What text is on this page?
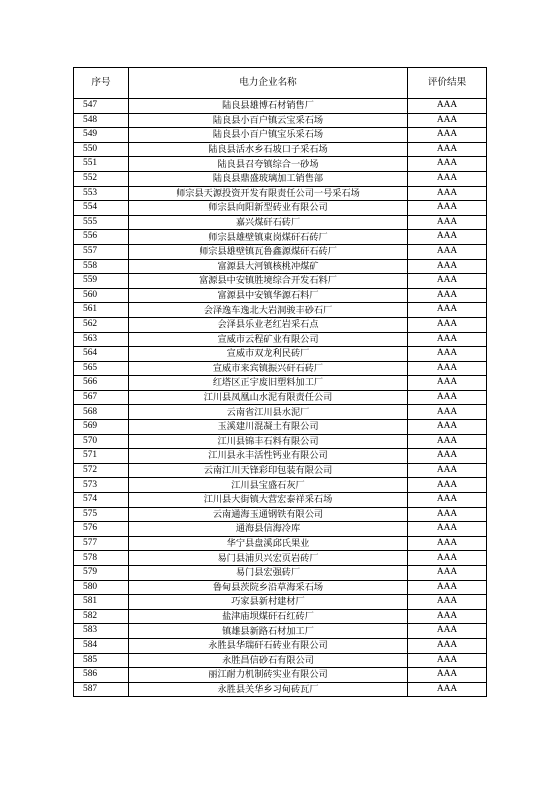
序号	电力企业名称	评价结果
547	陆良县雄博石材销售厂	AAA
548	陆良县小百户镇云宝采石场	AAA
549	陆良县小百户镇宝乐采石场	AAA
550	陆良县活水乡石坡口子采石场	AAA
551	陆良县召夸镇综合一砂场	AAA
552	陆良县鼎盛玻璃加工销售部	AAA
553	师宗县天源投资开发有限责任公司一号采石场	AAA
554	师宗县向阳新型砖业有限公司	AAA
555	嘉兴煤矸石砖厂	AAA
556	师宗县雄壁镇東岗煤矸石砖厂	AAA
557	师宗县雄壁镇瓦鲁鑫源煤矸石砖厂	AAA
558	富源县大河镇核桃冲煤矿	AAA
559	富源县中安镇胜境综合开发石料厂	AAA
560	富源县中安镇华源石料厂	AAA
561	会泽逸车逸北大岩洞骏丰砂石厂	AAA
562	会泽县乐业老红岩采石点	AAA
563	宣威市云程矿业有限公司	AAA
564	宣威市双龙利民砖厂	AAA
565	宣威市来宾镇振兴矸石砖厂	AAA
566	红塔区正宇废旧塑料加工厂	AAA
567	江川县凤凰山水泥有限责任公司	AAA
568	云南省江川县水泥厂	AAA
569	玉溪建川混凝土有限公司	AAA
570	江川县锦丰石料有限公司	AAA
571	江川县永丰活性钙业有限公司	AAA
572	云南江川天锋彩印包装有限公司	AAA
573	江川县宝盛石灰厂	AAA
574	江川县大街镇大营宏泰祥采石场	AAA
575	云南通海玉通钢铁有限公司	AAA
576	通海县信海冷库	AAA
577	华宁县盘溪邱氏果业	AAA
578	易门县浦贝兴宏页岩砖厂	AAA
579	易门县宏强砖厂	AAA
580	鲁甸县茨院乡沿草海采石场	AAA
581	巧家县新村建材厂	AAA
582	盐津庙坝煤矸石红砖厂	AAA
583	镇雄县新路石材加工厂	AAA
584	永胜县华瑞矸石砖业有限公司	AAA
585	永胜昌信砂石有限公司	AAA
586	丽江耐力机制砖实业有限公司	AAA
587	永胜县关华乡习甸砖瓦厂	AAA
